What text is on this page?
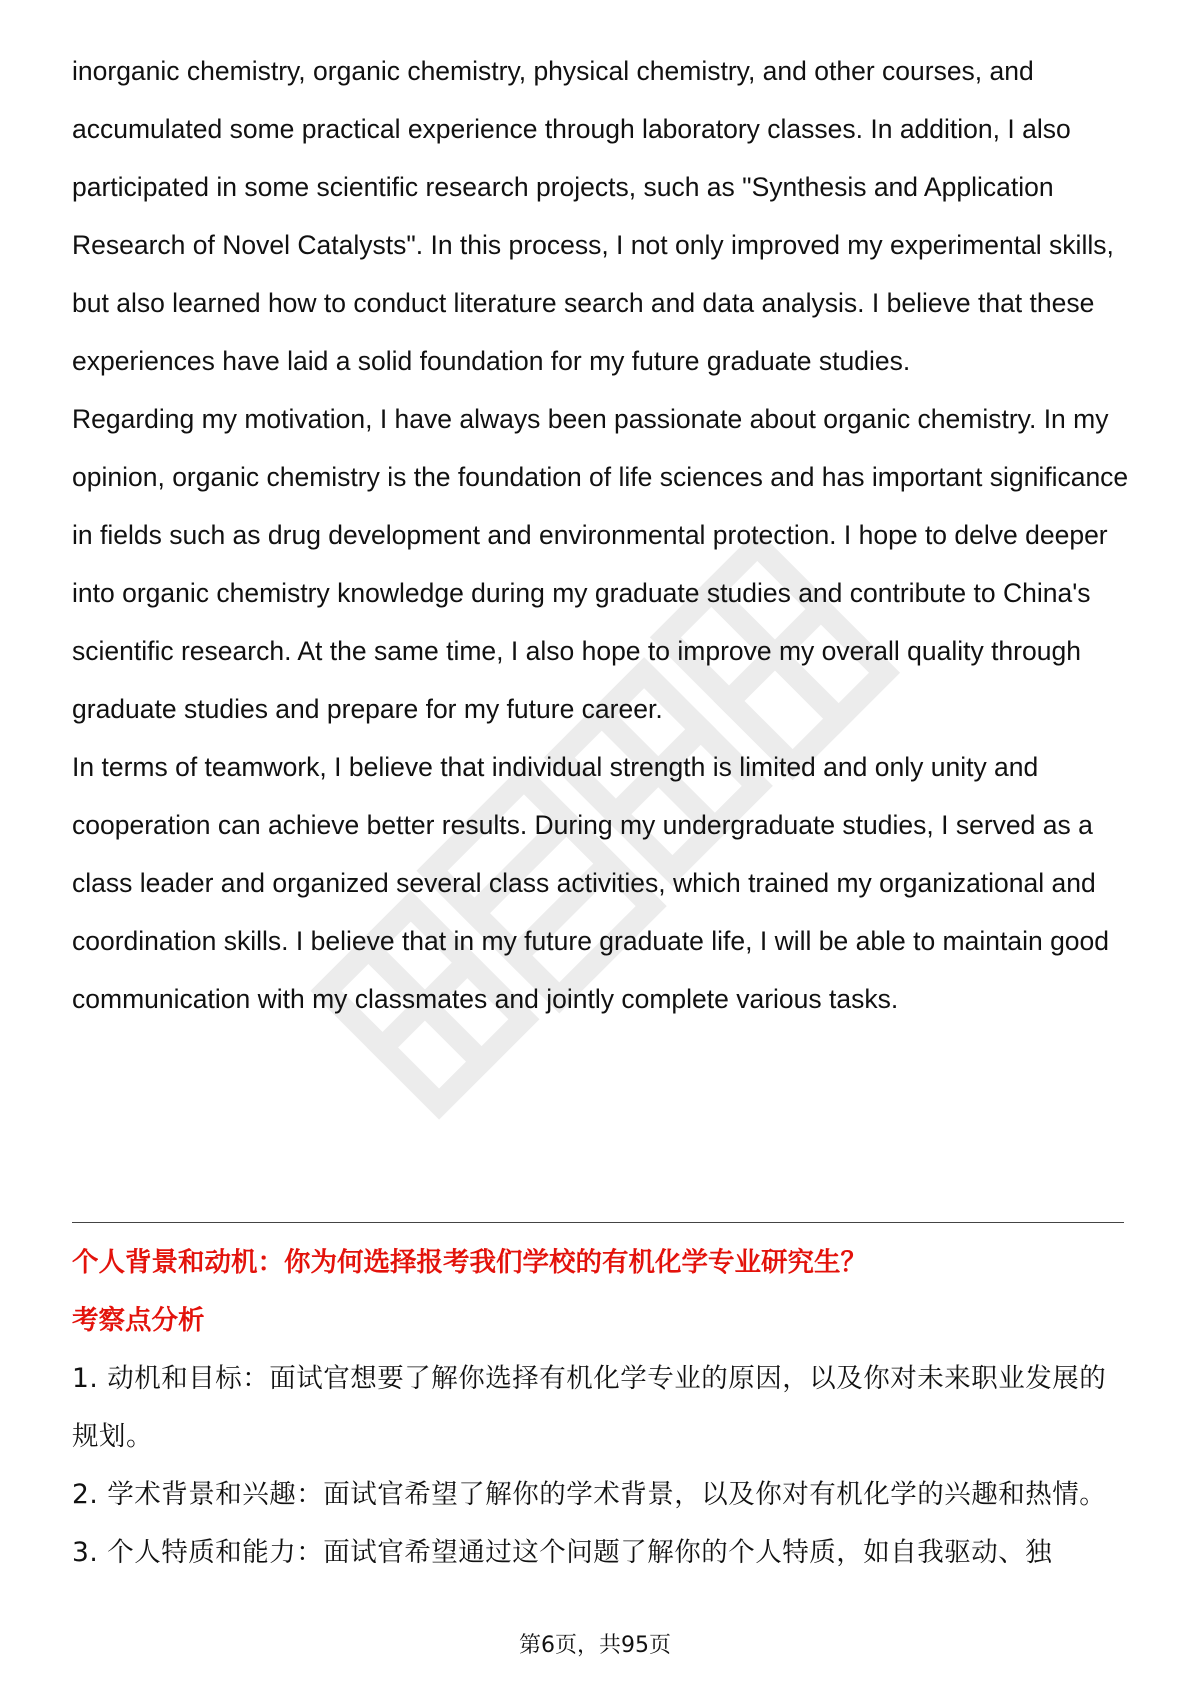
inorganic chemistry, organic chemistry, physical chemistry, and other courses, and accumulated some practical experience through laboratory classes. In addition, I also participated in some scientific research projects, such as "Synthesis and Application Research of Novel Catalysts". In this process, I not only improved my experimental skills, but also learned how to conduct literature search and data analysis. I believe that these experiences have laid a solid foundation for my future graduate studies.

Regarding my motivation, I have always been passionate about organic chemistry. In my opinion, organic chemistry is the foundation of life sciences and has important significance in fields such as drug development and environmental protection. I hope to delve deeper into organic chemistry knowledge during my graduate studies and contribute to China's scientific research. At the same time, I also hope to improve my overall quality through graduate studies and prepare for my future career.

In terms of teamwork, I believe that individual strength is limited and only unity and cooperation can achieve better results. During my undergraduate studies, I served as a class leader and organized several class activities, which trained my organizational and coordination skills. I believe that in my future graduate life, I will be able to maintain good communication with my classmates and jointly complete various tasks.

个人背景和动机：你为何选择报考我们学校的有机化学专业研究生？

考察点分析

1. 动机和目标：面试官想要了解你选择有机化学专业的原因，以及你对未来职业发展的规划。

2. 学术背景和兴趣：面试官希望了解你的学术背景，以及你对有机化学的兴趣和热情。

3. 个人特质和能力：面试官希望通过这个问题了解你的个人特质，如自我驱动、独

第6页，共95页
